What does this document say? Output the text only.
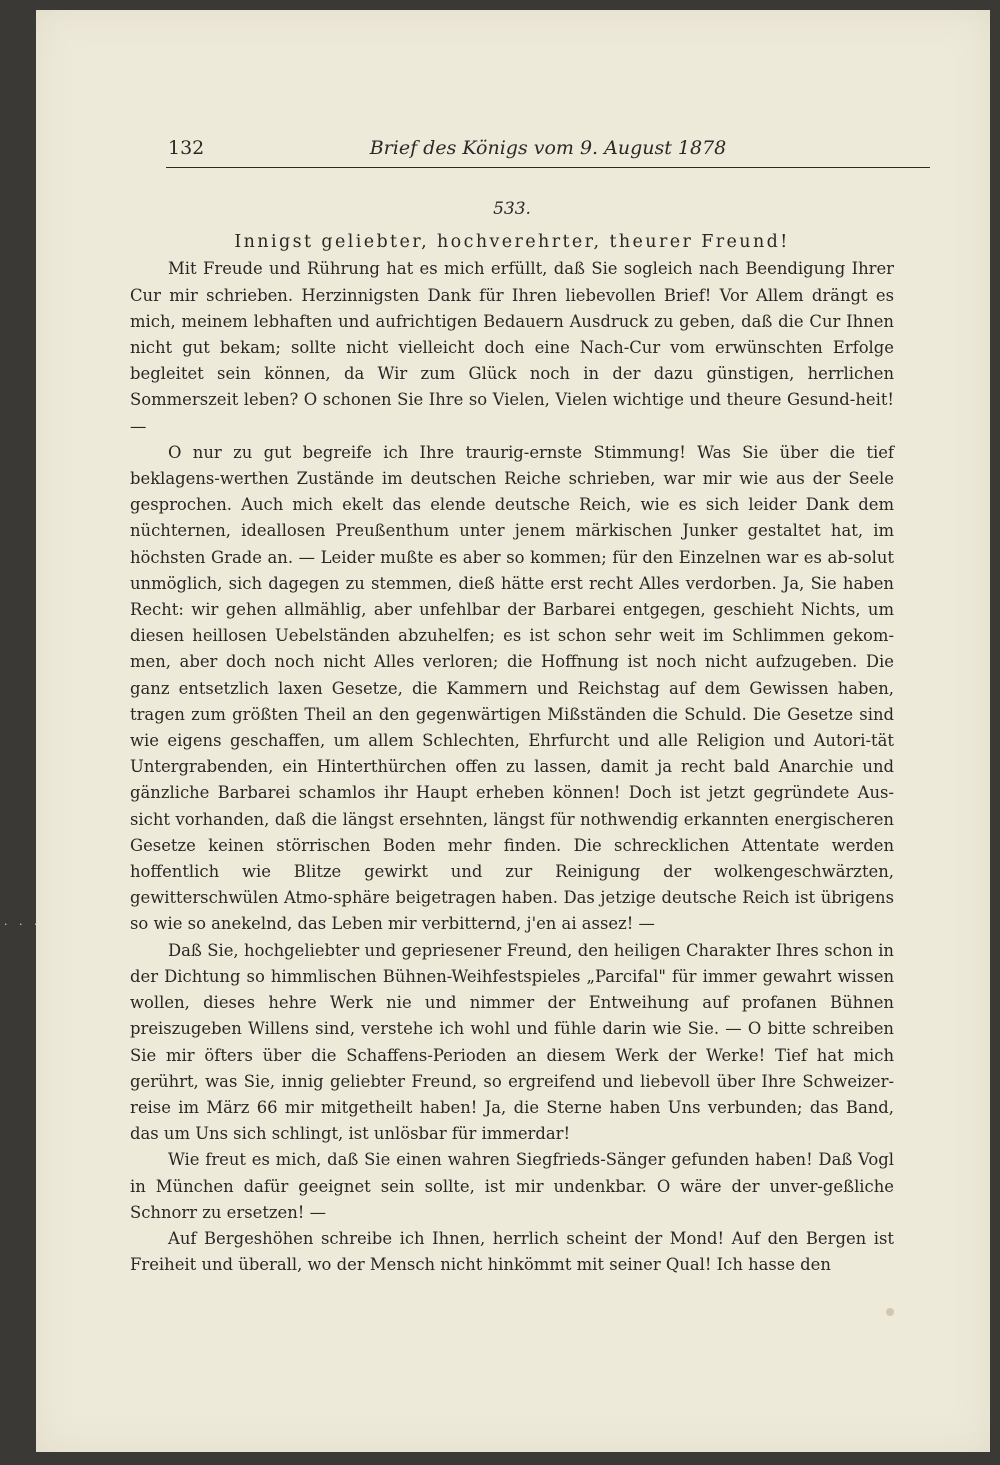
132	Brief des Königs vom 9. August 1878
· · ·
533.
Innigst geliebter, hochverehrter, theurer Freund!

Mit Freude und Rührung hat es mich erfüllt, daß Sie sogleich nach Beendigung Ihrer Cur mir schrieben. Herzinnigsten Dank für Ihren liebevollen Brief! Vor Allem drängt es mich, meinem lebhaften und aufrichtigen Bedauern Ausdruck zu geben, daß die Cur Ihnen nicht gut bekam; sollte nicht vielleicht doch eine Nach-Cur vom erwünschten Erfolge begleitet sein können, da Wir zum Glück noch in der dazu günstigen, herrlichen Sommerszeit leben? O schonen Sie Ihre so Vielen, Vielen wichtige und theure Gesund-heit! —

O nur zu gut begreife ich Ihre traurig-ernste Stimmung! Was Sie über die tief beklagens-werthen Zustände im deutschen Reiche schrieben, war mir wie aus der Seele gesprochen. Auch mich ekelt das elende deutsche Reich, wie es sich leider Dank dem nüchternen, ideallosen Preußenthum unter jenem märkischen Junker gestaltet hat, im höchsten Grade an. — Leider mußte es aber so kommen; für den Einzelnen war es ab-solut unmöglich, sich dagegen zu stemmen, dieß hätte erst recht Alles verdorben. Ja, Sie haben Recht: wir gehen allmählig, aber unfehlbar der Barbarei entgegen, geschieht Nichts, um diesen heillosen Uebelständen abzuhelfen; es ist schon sehr weit im Schlimmen gekom-men, aber doch noch nicht Alles verloren; die Hoffnung ist noch nicht aufzugeben. Die ganz entsetzlich laxen Gesetze, die Kammern und Reichstag auf dem Gewissen haben, tragen zum größten Theil an den gegenwärtigen Mißständen die Schuld. Die Gesetze sind wie eigens geschaffen, um allem Schlechten, Ehrfurcht und alle Religion und Autori-tät Untergrabenden, ein Hinterthürchen offen zu lassen, damit ja recht bald Anarchie und gänzliche Barbarei schamlos ihr Haupt erheben können! Doch ist jetzt gegründete Aus-sicht vorhanden, daß die längst ersehnten, längst für nothwendig erkannten energischeren Gesetze keinen störrischen Boden mehr finden. Die schrecklichen Attentate werden hoffentlich wie Blitze gewirkt und zur Reinigung der wolkengeschwärzten, gewitterschwülen Atmo-sphäre beigetragen haben. Das jetzige deutsche Reich ist übrigens so wie so anekelnd, das Leben mir verbitternd, j'en ai assez! —

Daß Sie, hochgeliebter und gepriesener Freund, den heiligen Charakter Ihres schon in der Dichtung so himmlischen Bühnen-Weihfestspieles „Parcifal" für immer gewahrt wissen wollen, dieses hehre Werk nie und nimmer der Entweihung auf profanen Bühnen preiszugeben Willens sind, verstehe ich wohl und fühle darin wie Sie. — O bitte schreiben Sie mir öfters über die Schaffens-Perioden an diesem Werk der Werke! Tief hat mich gerührt, was Sie, innig geliebter Freund, so ergreifend und liebevoll über Ihre Schweizer-reise im März 66 mir mitgetheilt haben! Ja, die Sterne haben Uns verbunden; das Band, das um Uns sich schlingt, ist unlösbar für immerdar!

Wie freut es mich, daß Sie einen wahren Siegfrieds-Sänger gefunden haben! Daß Vogl in München dafür geeignet sein sollte, ist mir undenkbar. O wäre der unver-geßliche Schnorr zu ersetzen! —

Auf Bergeshöhen schreibe ich Ihnen, herrlich scheint der Mond! Auf den Bergen ist Freiheit und überall, wo der Mensch nicht hinkömmt mit seiner Qual! Ich hasse den
